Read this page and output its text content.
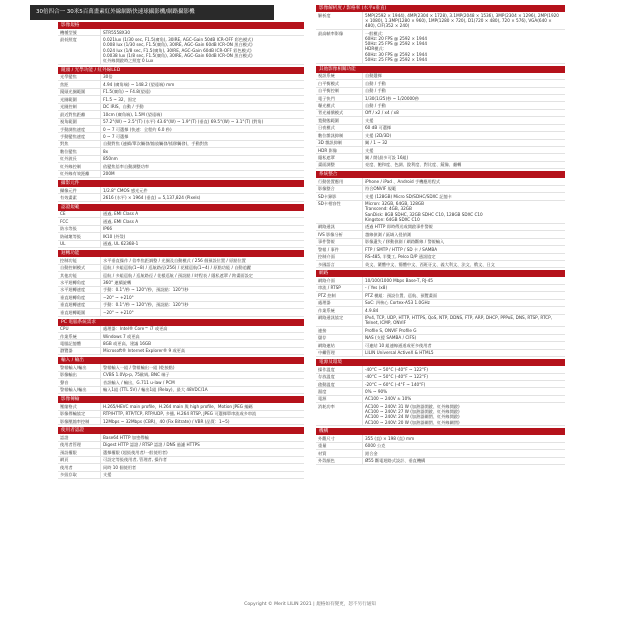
30倍四合一 30米5百萬畫素紅外線網路快速球攝影機/網路攝影機
影像規格
機種型號	STR5558X30
最低照度	0.021lux (1/30 sec, F1.5(廣角), 30IRE, AGC-Gain 50dB ICR-OFF 彩色模式)
0.008 lux (1/30 sec, F1.5(廣角), 30IRE, AGC-Gain 60dB ICR-ON 黑白模式)
0.024 lux (1/8 sec, F1.5(廣角), 30IRE, AGC-Gain 60dB ICR-OFF 彩色模式)
0.0038 lux (1/8 sec, F1.5(廣角), 30IRE, AGC-Gain 60dB ICR-ON 黑白模式)
紅外線開啟時之照度 0 Lux
鏡頭 / 光學功能 / 紅外線LED
光學變焦	30倍
焦距	4.94 (廣角端) ~ 148.2 (望遠端) mm
鏡頭光圈範圍	F1.5(廣角) ~ F4.8(望遠)
光圈範圍	F1.5 ~ 32，固定
光圈控制	DC IRIS，自動 / 手動
最近對焦距離	10cm (廣角端), 1.5M (望遠端)
視角範圍	57.2°(W) ~ 2.5°(T) (水平) 43.6°(W) ~ 1.9°(T) (垂直) 69.5°(W) ~ 3.1°(T) (對角)
手動調焦速度	0 ~ 7 可選擇 (快速：全程約 6.0 秒)
手動變焦速度	0 ~ 7 可選擇
對焦	自動對焦 (連續/單次觸發/縮放觸發/搖移觸發)，手動對焦
數位變焦	8x
紅外波長	850nm
紅外線控制	依變焦倍率自動調整功率
紅外線有效距離	200M
攝影元件
攝像元件	1/2.8" CMOS 感光元件
有效畫素	2616 (水平) × 1964 (垂直) = 5,137,824 (Pixels)
認證規範
CE	通過, EMI Class A
FCC	通過, EMI Class A
防水等級	IP66
防破壞等級	IK10 (外殼)
UL	通過, UL 62368-1
迴轉功能
控制功能	水平垂直操作 / 倍率焦距調整 / 光圈及自動模式 / 256 個預設位置 / 原點位置
自動控制模式	巡航 / 多組巡航(1~8) / 巡航路徑(256) / 花樣巡航(1~4) / 原點功能 / 自動追蹤
其他功能	巡航 / 多組巡航 / 巡航路徑 / 花樣巡航 / 預設點 / 時程表 / 隱私遮罩 / 跨畫面設定
水平迴轉角度	360° 連續旋轉
水平迴轉速度	手動：0.1°/秒 ~ 120°/秒，預設點：120°/秒
垂直迴轉角度	−20° ~ +210°
垂直迴轉速度	手動：0.1°/秒 ~ 120°/秒，預設點：120°/秒
垂直迴轉範圍	−20° ~ +210°
PC 電腦系統需求
CPU	處理器：Intel® Core™ i7 或更高
作業系統	Windows 7 或更高
電腦記憶體	8GB 或更高，建議 16GB
瀏覽器	Microsoft® Internet Explorer® 9 或更高
輸入 / 輸出
警報輸入/輸出	警報輸入一組 / 警報輸出一組 (乾接點)
影像輸出	CVBS 1.0Vp-p, 75歐姆, BNC 端子
聲音	音訊輸入 / 輸出，G.711 u-law / PCM
警報輸入/輸出	輸入1組 (TTL 5V) / 輸出1組 (Relay)，最大 48VDC/1A
影像傳輸
壓縮格式	H.265/HEVC main profile，H.264 main 與 high profile，Motion JPEG 編碼
影像傳輸協定	RTP/HTTP, RTP/TCP, RTP/UDP, 多播, H.264 RTSP, JPEG 可選擇單串流或多串流
影像壓縮率控制	12Mbps ~ 32Mbps (CBR)，40 (Fix Bitrate) / VBR (品質：1~5)
使用者認證
認證	Base64 HTTP 加密傳輸
使用者管理	Digest HTTP 認證 / RTSP 認證 / DNS 過濾 HTTPS
預設權限	選擇權限 (超級使用者/一般使用者)
網頁	可設定等級使用者, 管理者, 操作者
使用者	同時 10 個使用者
多級存取	支援
影像解析度 / 影格率 (水平x垂直)
解析度	5MP(2592 × 1944), 4MP(2304 × 1728), 3.1MP(2048 × 1536), 3MP(2304 × 1296), 2MP(1920 × 1080), 1.3MP(1280 × 960), 1MP(1280 × 720), D1(720 × 480), 720 × 576), VGA(640 × 480), CIF(352 × 240)
最高幀率影像	一般模式：
60Hz: 20 FPS @ 2592 × 1944
50Hz: 25 FPS @ 2592 × 1944
HDR模式：
60Hz: 30 FPS @ 2592 × 1944
50Hz: 25 FPS @ 2592 × 1944
其他影像相關功能
視訊系統	自動選擇
白平衡模式	自動 / 手動
自平衡控制	自動 / 手動
電子快門	1/30(1/25)秒 ~ 1/20000秒
曝光模式	自動 / 手動
背光補償模式	Off / x2 / x4 / x8
寬動態範圍	支援
日夜模式	60 dB 可選擇
數位雜訊抑制	支援 (2D/3D)
3D 雜訊抑制	關 / 1 ~ 32
HDR 影像	支援
隱私遮罩	關 / 開(最多可設 16組)
畫面調整	亮度、飽和度、色調、銳利度、對比度、鏡像、翻轉
系統整合
行動裝置應用	iPhone / iPad 、Android 手機應用程式
影像整合	符合ONVIF 規範
SD卡錄影	支援 (128GB) Micro SD/SDHC/SDXC 記憶卡
SD卡相容性	Micron: 32GB, 64GB, 128GB
Transcend: 4GB, 32GB
SanDisk: 8GB SDHC, 32GB SDHC C10, 128GB SDXC C10
Kingston: 64GB SDXC C10
網路通訊	透過 HTTP 即時傳送或開啟事件警報
IVS 影像分析	越線偵測 / 區域入侵偵測
事件警報	影像遺失 / 移動偵測 / 網路斷線 / 警報輸入
警報 / 事件	FTP / SMTP / HTTP / SD 卡 / SAMBA
控制介面	RS-485, 半雙工, Pelco D/P 通訊協定
多國語言	英文、繁體中文、簡體中文、西班牙文、義大利文、法文、俄文、日文
網路
網路介面	10/100/1000 Mbps Base-T, RJ-45
串流 / RTSP	- / Yes (x8)
PTZ 控制	PTZ 模組：預設位置、巡航、預覽畫面
處理器	SoC: 四核心 Cortex-A53 1.0GHz
作業系統	4.9.84
網路通訊協定	IPv4, TCP, UDP, HTTP, HTTPS, QoS, NTP, DDNS, FTP, ARP, DHCP, PPPoE, DNS, RTSP, RTCP, Telnet, ICMP, ONVIF
連接	Profile S, ONVIF Profile G
儲存	NAS (支援 SAMBA / CIFS)
網路連結	可連結 10 組連線通道或更多使用者
中繼管理	LILIN Universal ActiveX & HTML5
電源及環境
操作溫度	-40°C ~ 50°C (-40°F ~ 122°F)
存放溫度	-40°C ~ 50°C (-40°F ~ 122°F)
啟動溫度	-20°C ~ 60°C (-4°F ~ 140°F)
濕度	0% ~ 90%
電源	AC100 ~ 240V ± 10%
消耗功率	AC100 ~ 240V: 31 W (加熱器開啟、紅外線開啟)
AC100 ~ 240V: 27 W (加熱器開啟、紅外線開啟)
AC100 ~ 240V: 24 W (加熱器關閉、紅外線開啟)
AC100 ~ 240V: 20 W (加熱器關閉、紅外線關閉)
機構
外觀尺寸	355 (直) × 198 (直) mm
重量	6000 公克
材質	鋁合金
外殼顏色	Ø55 斷電迴路式設計、垂直機構
Copyright © Merit LILIN 2021 | 規格如有變更，恕不另行通知
